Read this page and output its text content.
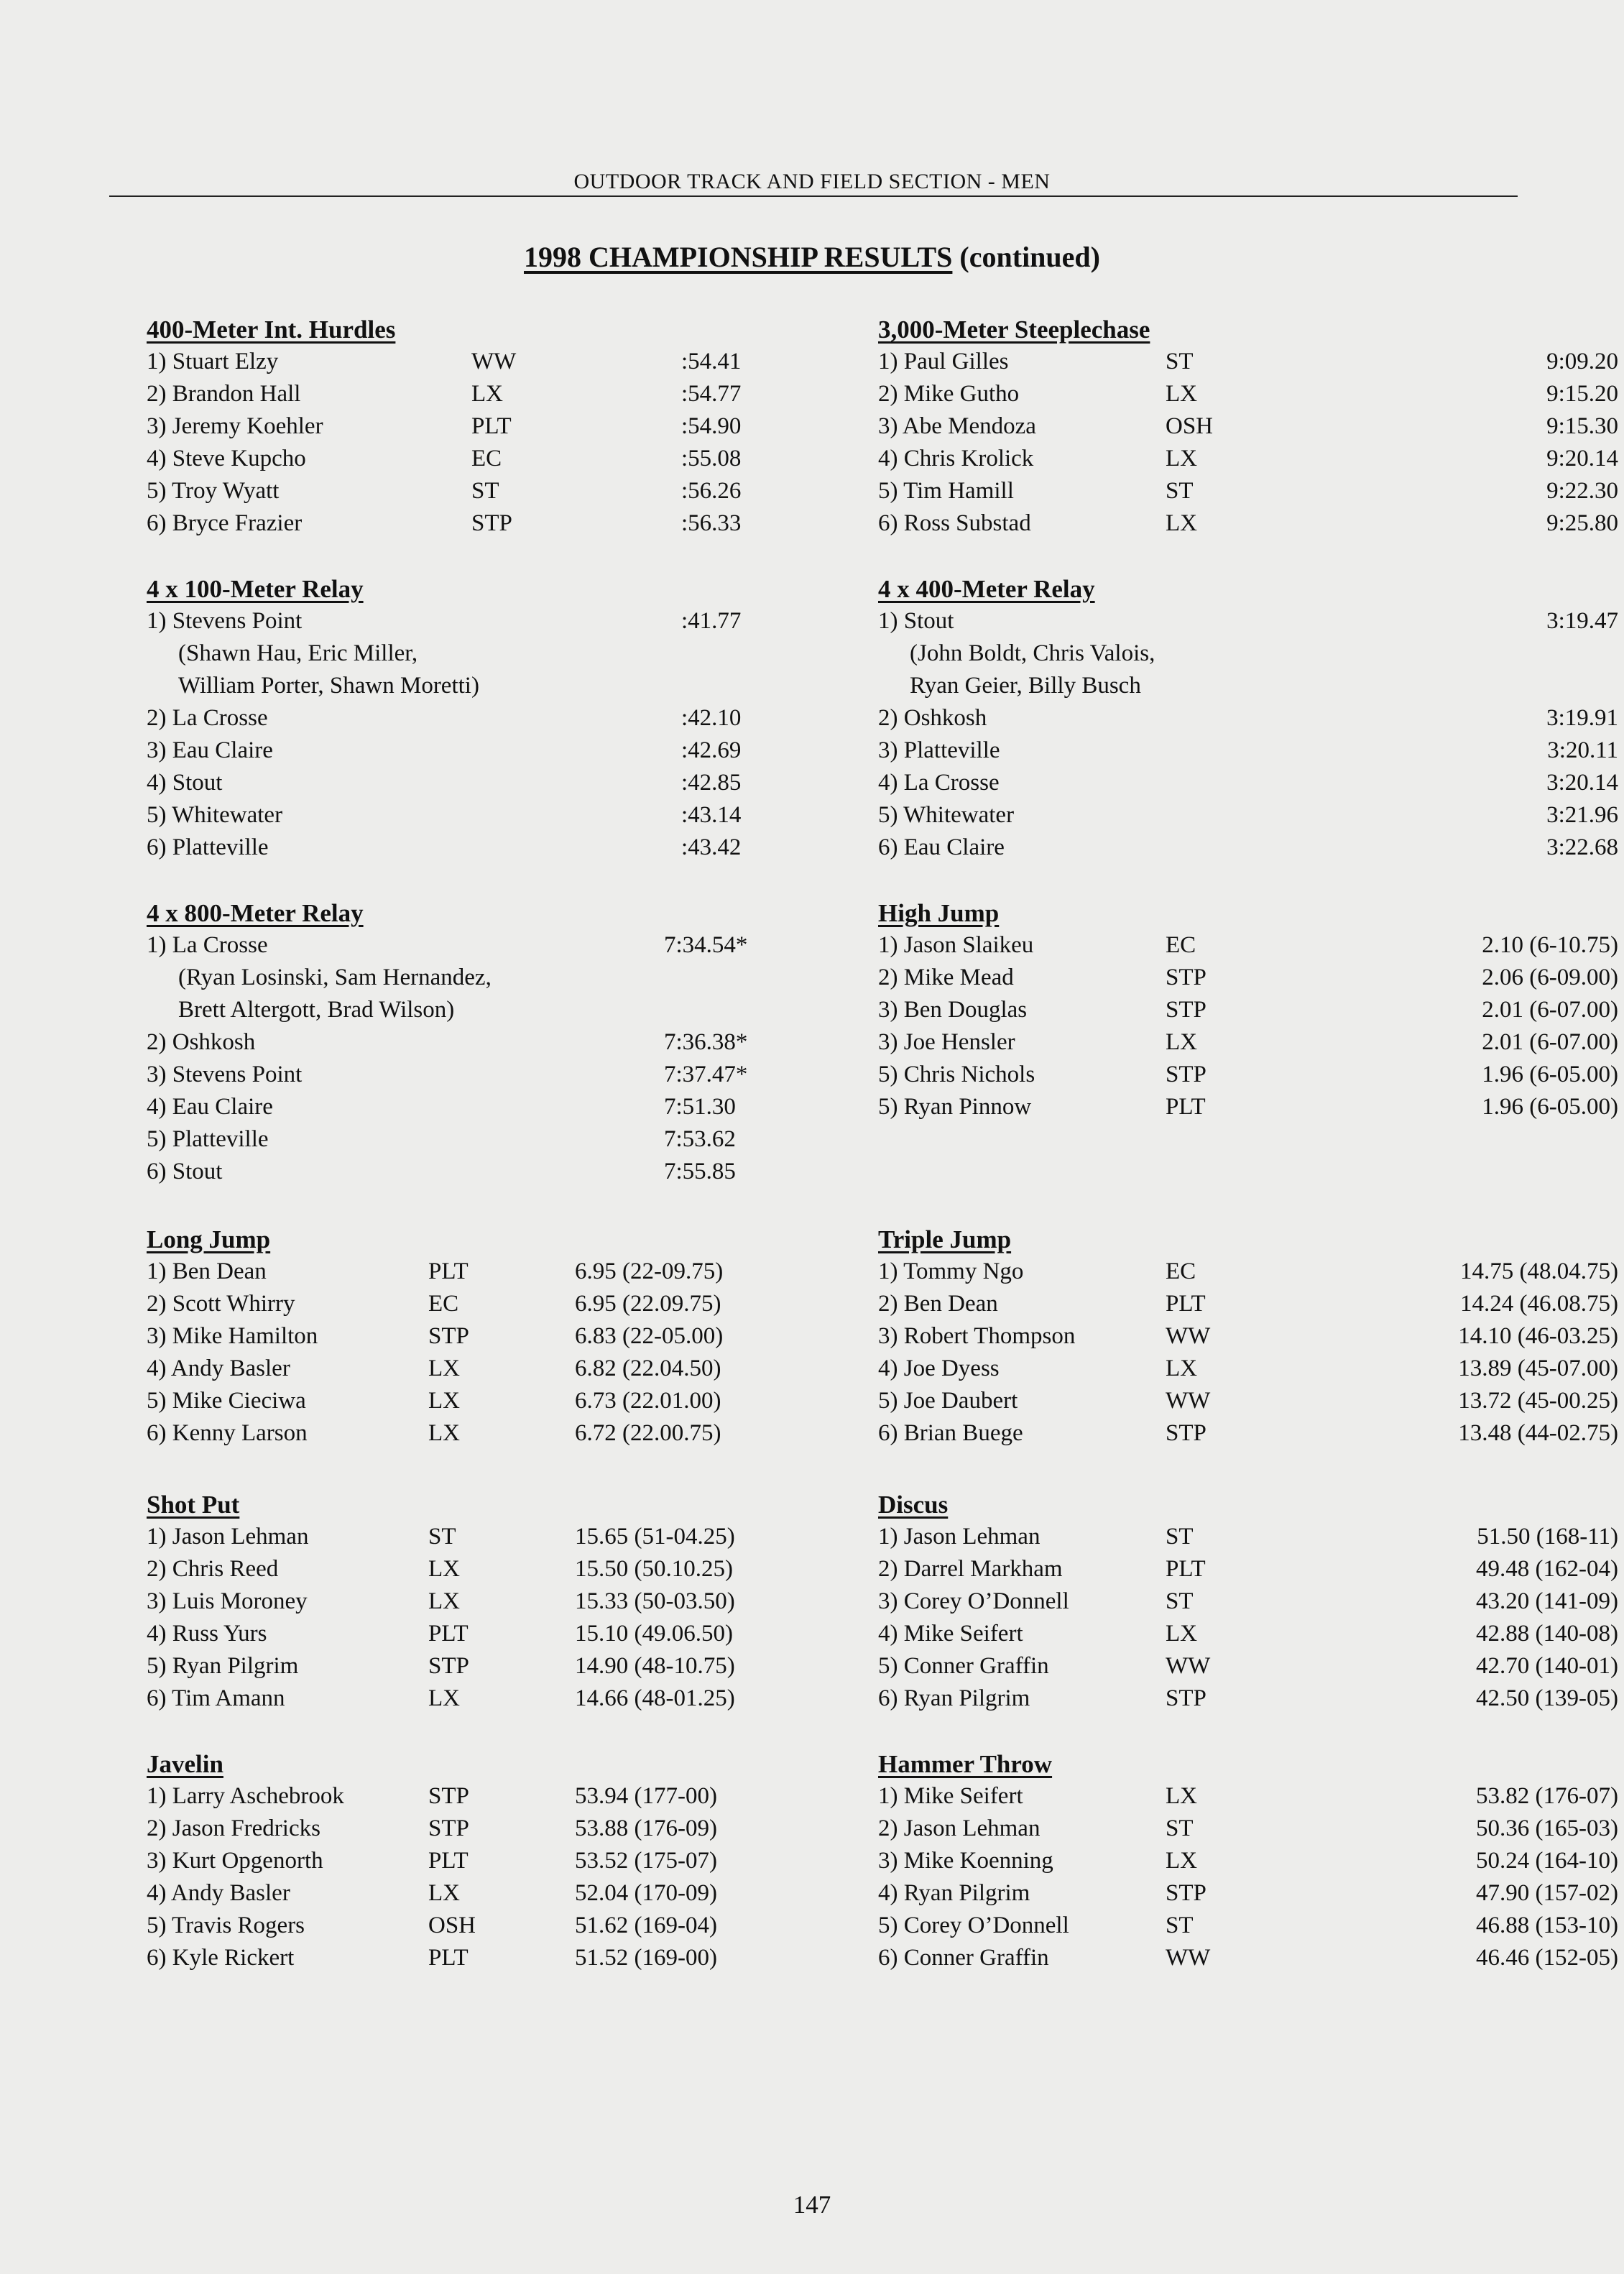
OUTDOOR TRACK AND FIELD SECTION - MEN
1998 CHAMPIONSHIP RESULTS (continued)
400-Meter Int. Hurdles
1) Stuart Elzy	WW	:54.41
2) Brandon Hall	LX	:54.77
3) Jeremy Koehler	PLT	:54.90
4) Steve Kupcho	EC	:55.08
5) Troy Wyatt	ST	:56.26
6) Bryce Frazier	STP	:56.33
4 x 100-Meter Relay
1) Stevens Point	:41.77
(Shawn Hau, Eric Miller,
William Porter, Shawn Moretti)
2) La Crosse	:42.10
3) Eau Claire	:42.69
4) Stout	:42.85
5) Whitewater	:43.14
6) Platteville	:43.42
4 x 800-Meter Relay
1) La Crosse	7:34.54*
(Ryan Losinski, Sam Hernandez,
Brett Altergott, Brad Wilson)
2) Oshkosh	7:36.38*
3) Stevens Point	7:37.47*
4) Eau Claire	7:51.30
5) Platteville	7:53.62
6) Stout	7:55.85
Long Jump
1) Ben Dean	PLT	6.95 (22-09.75)
2) Scott Whirry	EC	6.95 (22.09.75)
3) Mike Hamilton	STP	6.83 (22-05.00)
4) Andy Basler	LX	6.82 (22.04.50)
5) Mike Cieciwa	LX	6.73 (22.01.00)
6) Kenny Larson	LX	6.72 (22.00.75)
Shot Put
1) Jason Lehman	ST	15.65 (51-04.25)
2) Chris Reed	LX	15.50 (50.10.25)
3) Luis Moroney	LX	15.33 (50-03.50)
4) Russ Yurs	PLT	15.10 (49.06.50)
5) Ryan Pilgrim	STP	14.90 (48-10.75)
6) Tim Amann	LX	14.66 (48-01.25)
Javelin
1) Larry Aschebrook	STP	53.94 (177-00)
2) Jason Fredricks	STP	53.88 (176-09)
3) Kurt Opgenorth	PLT	53.52 (175-07)
4) Andy Basler	LX	52.04 (170-09)
5) Travis Rogers	OSH	51.62 (169-04)
6) Kyle Rickert	PLT	51.52 (169-00)
3,000-Meter Steeplechase
1) Paul Gilles	ST	9:09.20
2) Mike Gutho	LX	9:15.20
3) Abe Mendoza	OSH	9:15.30
4) Chris Krolick	LX	9:20.14
5) Tim Hamill	ST	9:22.30
6) Ross Substad	LX	9:25.80
4 x 400-Meter Relay
1) Stout	3:19.47
(John Boldt, Chris Valois,
Ryan Geier, Billy Busch
2) Oshkosh	3:19.91
3) Platteville	3:20.11
4) La Crosse	3:20.14
5) Whitewater	3:21.96
6) Eau Claire	3:22.68
High Jump
1) Jason Slaikeu	EC	2.10 (6-10.75)
2) Mike Mead	STP	2.06 (6-09.00)
3) Ben Douglas	STP	2.01 (6-07.00)
3) Joe Hensler	LX	2.01 (6-07.00)
5) Chris Nichols	STP	1.96 (6-05.00)
5) Ryan Pinnow	PLT	1.96 (6-05.00)
Triple Jump
1) Tommy Ngo	EC	14.75 (48.04.75)
2) Ben Dean	PLT	14.24 (46.08.75)
3) Robert Thompson	WW	14.10 (46-03.25)
4) Joe Dyess	LX	13.89 (45-07.00)
5) Joe Daubert	WW	13.72 (45-00.25)
6) Brian Buege	STP	13.48 (44-02.75)
Discus
1) Jason Lehman	ST	51.50 (168-11)
2) Darrel Markham	PLT	49.48 (162-04)
3) Corey O’Donnell	ST	43.20 (141-09)
4) Mike Seifert	LX	42.88 (140-08)
5) Conner Graffin	WW	42.70 (140-01)
6) Ryan Pilgrim	STP	42.50 (139-05)
Hammer Throw
1) Mike Seifert	LX	53.82 (176-07)
2) Jason Lehman	ST	50.36 (165-03)
3) Mike Koenning	LX	50.24 (164-10)
4) Ryan Pilgrim	STP	47.90 (157-02)
5) Corey O’Donnell	ST	46.88 (153-10)
6) Conner Graffin	WW	46.46 (152-05)
147
